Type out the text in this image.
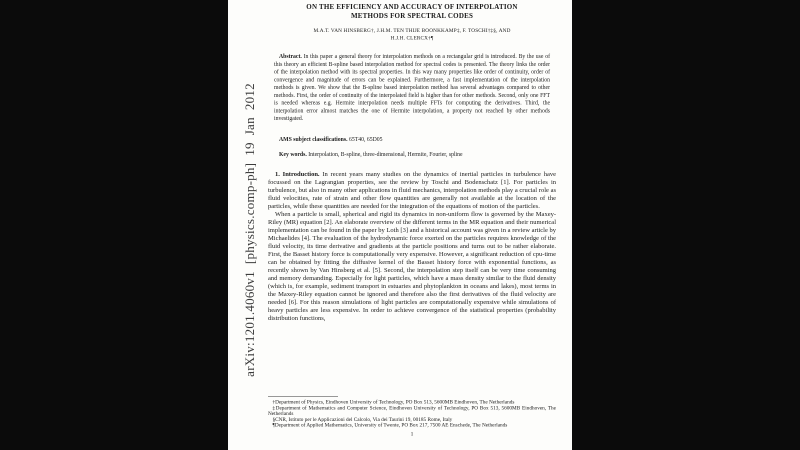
arXiv:1201.4060v1 [physics.comp-ph] 19 Jan 2012
ON THE EFFICIENCY AND ACCURACY OF INTERPOLATION
METHODS FOR SPECTRAL CODES
M.A.T. VAN HINSBERG†, J.H.M. TEN THIJE BOONKKAMP‡, F. TOSCHI†‡§, AND
H.J.H. CLERCX†¶

Abstract. In this paper a general theory for interpolation methods on a rectangular grid is introduced. By the use of this theory an efficient B-spline based interpolation method for spectral codes is presented. The theory links the order of the interpolation method with its spectral properties. In this way many properties like order of continuity, order of convergence and magnitude of errors can be explained. Furthermore, a fast implementation of the interpolation methods is given. We show that the B-spline based interpolation method has several advantages compared to other methods. First, the order of continuity of the interpolated field is higher than for other methods. Second, only one FFT is needed whereas e.g. Hermite interpolation needs multiple FFTs for computing the derivatives. Third, the interpolation error almost matches the one of Hermite interpolation, a property not reached by other methods investigated.

AMS subject classifications. 65T40, 65D05

Key words. Interpolation, B-spline, three-dimensional, Hermite, Fourier, spline

1. Introduction. In recent years many studies on the dynamics of inertial particles in turbulence have focussed on the Lagrangian properties, see the review by Toschi and Bodenschatz [1]. For particles in turbulence, but also in many other applications in fluid mechanics, interpolation methods play a crucial role as fluid velocities, rate of strain and other flow quantities are generally not available at the location of the particles, while these quantities are needed for the integration of the equations of motion of the particles.

When a particle is small, spherical and rigid its dynamics in non-uniform flow is governed by the Maxey-Riley (MR) equation [2]. An elaborate overview of the different terms in the MR equation and their numerical implementation can be found in the paper by Loth [3] and a historical account was given in a review article by Michaelides [4]. The evaluation of the hydrodynamic force exerted on the particles requires knowledge of the fluid velocity, its time derivative and gradients at the particle positions and turns out to be rather elaborate. First, the Basset history force is computationally very expensive. However, a significant reduction of cpu-time can be obtained by fitting the diffusive kernel of the Basset history force with exponential functions, as recently shown by Van Hinsberg et al. [5]. Second, the interpolation step itself can be very time consuming and memory demanding. Especially for light particles, which have a mass density similar to the fluid density (which is, for example, sediment transport in estuaries and phytoplankton in oceans and lakes), most terms in the Maxey-Riley equation cannot be ignored and therefore also the first derivatives of the fluid velocity are needed [6]. For this reason simulations of light particles are computationally expensive while simulations of heavy particles are less expensive. In order to achieve convergence of the statistical properties (probability distribution functions,

†Department of Physics, Eindhoven University of Technology, PO Box 513, 5600MB Eindhoven, The Netherlands

‡Department of Mathematics and Computer Science, Eindhoven University of Technology, PO Box 513, 5600MB Eindhoven, The Netherlands

§CNR, Istituto per le Applicazioni del Calcolo, Via dei Taurini 19, 00185 Rome, Italy

¶Department of Applied Mathematics, University of Twente, PO Box 217, 7500 AE Enschede, The Netherlands

1
